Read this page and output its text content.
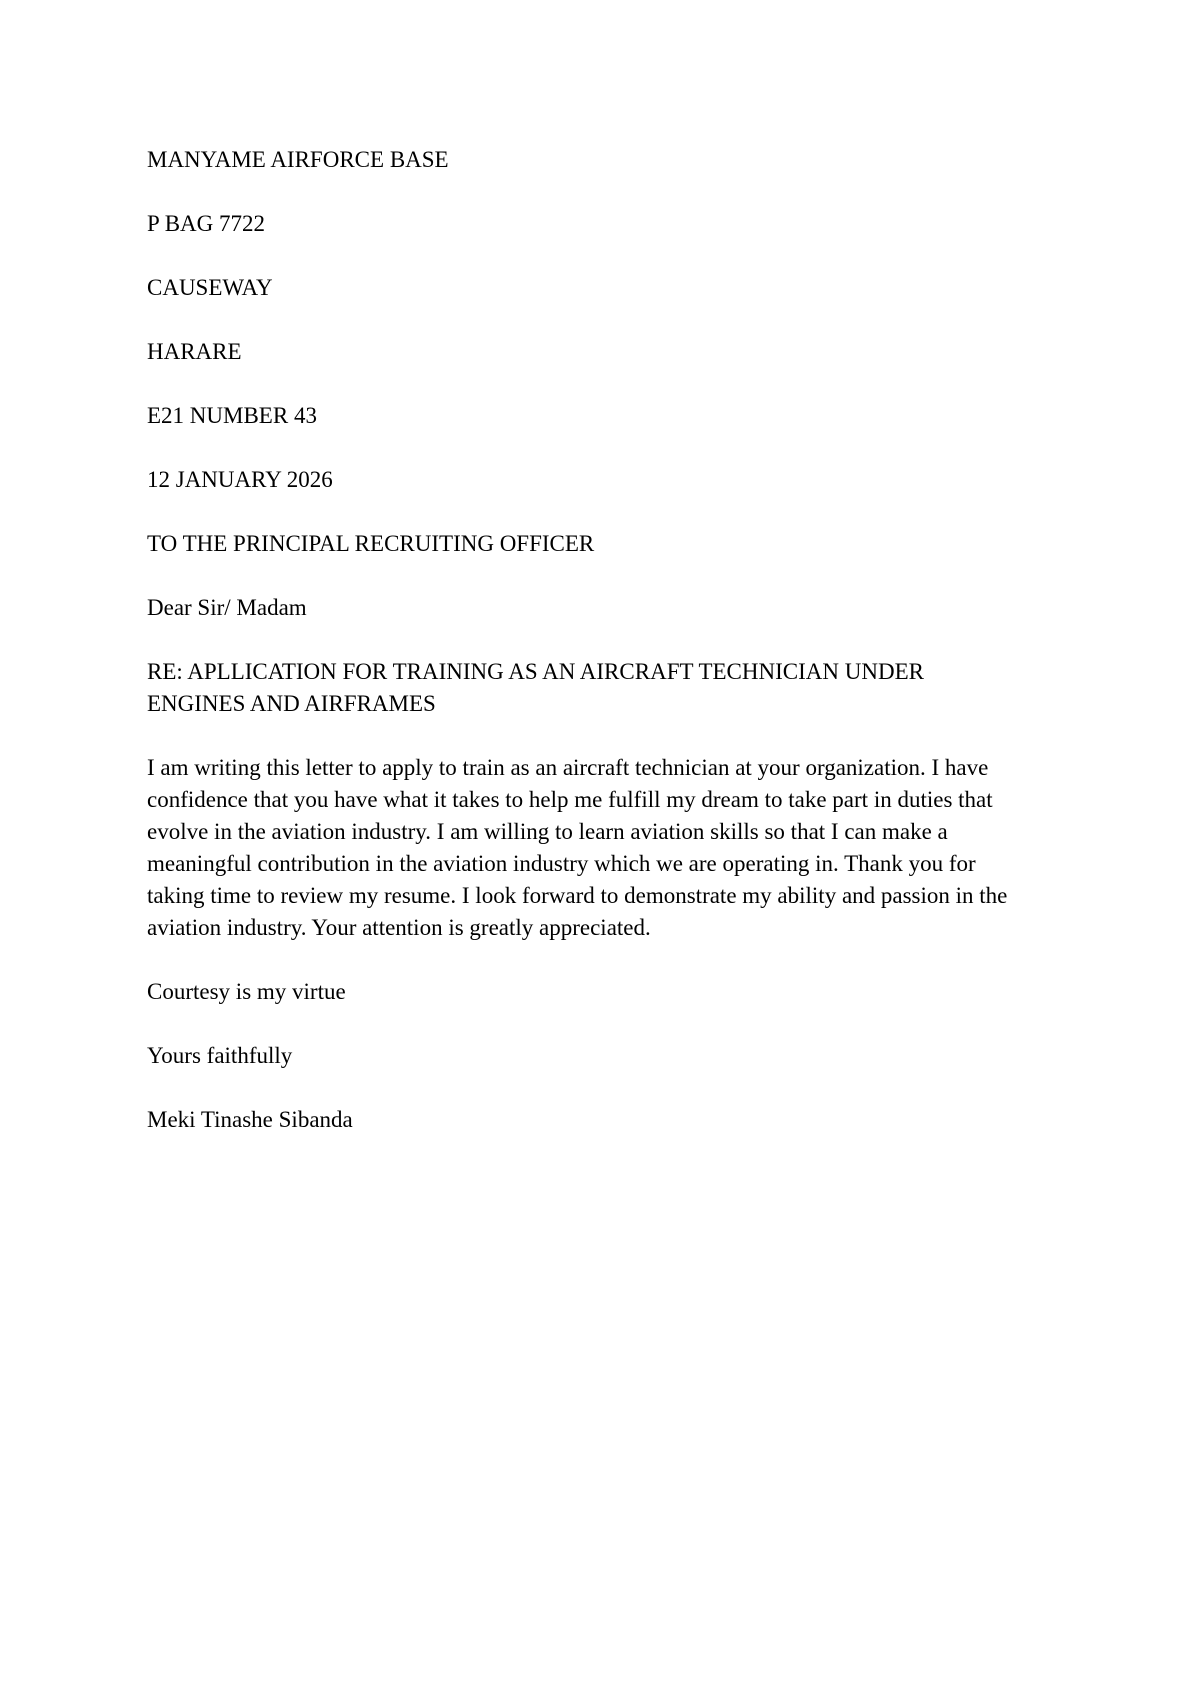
MANYAME AIRFORCE BASE
P BAG 7722
CAUSEWAY
HARARE
E21 NUMBER 43
12 JANUARY 2026
TO THE PRINCIPAL RECRUITING OFFICER
Dear Sir/ Madam
RE: APLLICATION FOR TRAINING AS AN AIRCRAFT TECHNICIAN UNDER
ENGINES AND AIRFRAMES
I am writing this letter to apply to train as an aircraft technician at your organization. I have
confidence that you have what it takes to help me fulfill my dream to take part in duties that
evolve in the aviation industry. I am willing to learn aviation skills so that I can make a
meaningful contribution in the aviation industry which we are operating in. Thank you for
taking time to review my resume. I look forward to demonstrate my ability and passion in the
aviation industry. Your attention is greatly appreciated.
Courtesy is my virtue
Yours faithfully
Meki Tinashe Sibanda
